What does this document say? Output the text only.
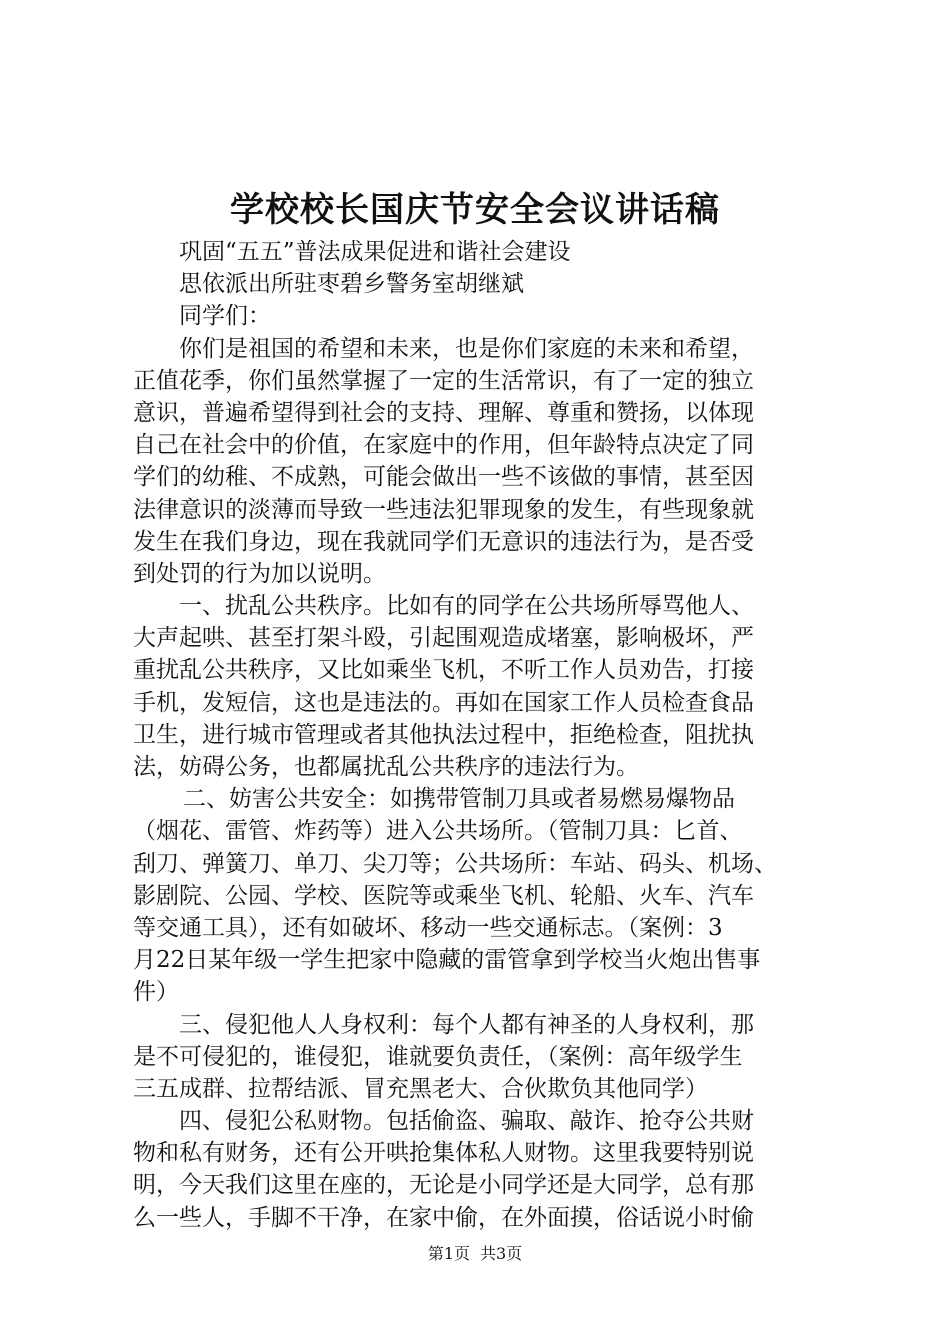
学校校长国庆节安全会议讲话稿
巩固“五五”普法成果促进和谐社会建设
思依派出所驻枣碧乡警务室胡继斌
同学们：
你们是祖国的希望和未来，也是你们家庭的未来和希望，
正值花季，你们虽然掌握了一定的生活常识，有了一定的独立
意识，普遍希望得到社会的支持、理解、尊重和赞扬，以体现
自己在社会中的价值，在家庭中的作用，但年龄特点决定了同
学们的幼稚、不成熟，可能会做出一些不该做的事情，甚至因
法律意识的淡薄而导致一些违法犯罪现象的发生，有些现象就
发生在我们身边，现在我就同学们无意识的违法行为，是否受
到处罚的行为加以说明。
一、扰乱公共秩序。比如有的同学在公共场所辱骂他人、
大声起哄、甚至打架斗殴，引起围观造成堵塞，影响极坏，严
重扰乱公共秩序，又比如乘坐飞机，不听工作人员劝告，打接
手机，发短信，这也是违法的。再如在国家工作人员检查食品
卫生，进行城市管理或者其他执法过程中，拒绝检查，阻扰执
法，妨碍公务，也都属扰乱公共秩序的违法行为。
二、妨害公共安全：如携带管制刀具或者易燃易爆物品
（烟花、雷管、炸药等）进入公共场所。（管制刀具：匕首、
刮刀、弹簧刀、单刀、尖刀等；公共场所：车站、码头、机场、
影剧院、公园、学校、医院等或乘坐飞机、轮船、火车、汽车
等交通工具），还有如破坏、移动一些交通标志。（案例：3
月22日某年级一学生把家中隐藏的雷管拿到学校当火炮出售事
件）
三、侵犯他人人身权利：每个人都有神圣的人身权利，那
是不可侵犯的，谁侵犯，谁就要负责任，（案例：高年级学生
三五成群、拉帮结派、冒充黑老大、合伙欺负其他同学）
四、侵犯公私财物。包括偷盗、骗取、敲诈、抢夺公共财
物和私有财务，还有公开哄抢集体私人财物。这里我要特别说
明，今天我们这里在座的，无论是小同学还是大同学，总有那
么一些人，手脚不干净，在家中偷，在外面摸，俗话说小时偷
第1页 共3页
